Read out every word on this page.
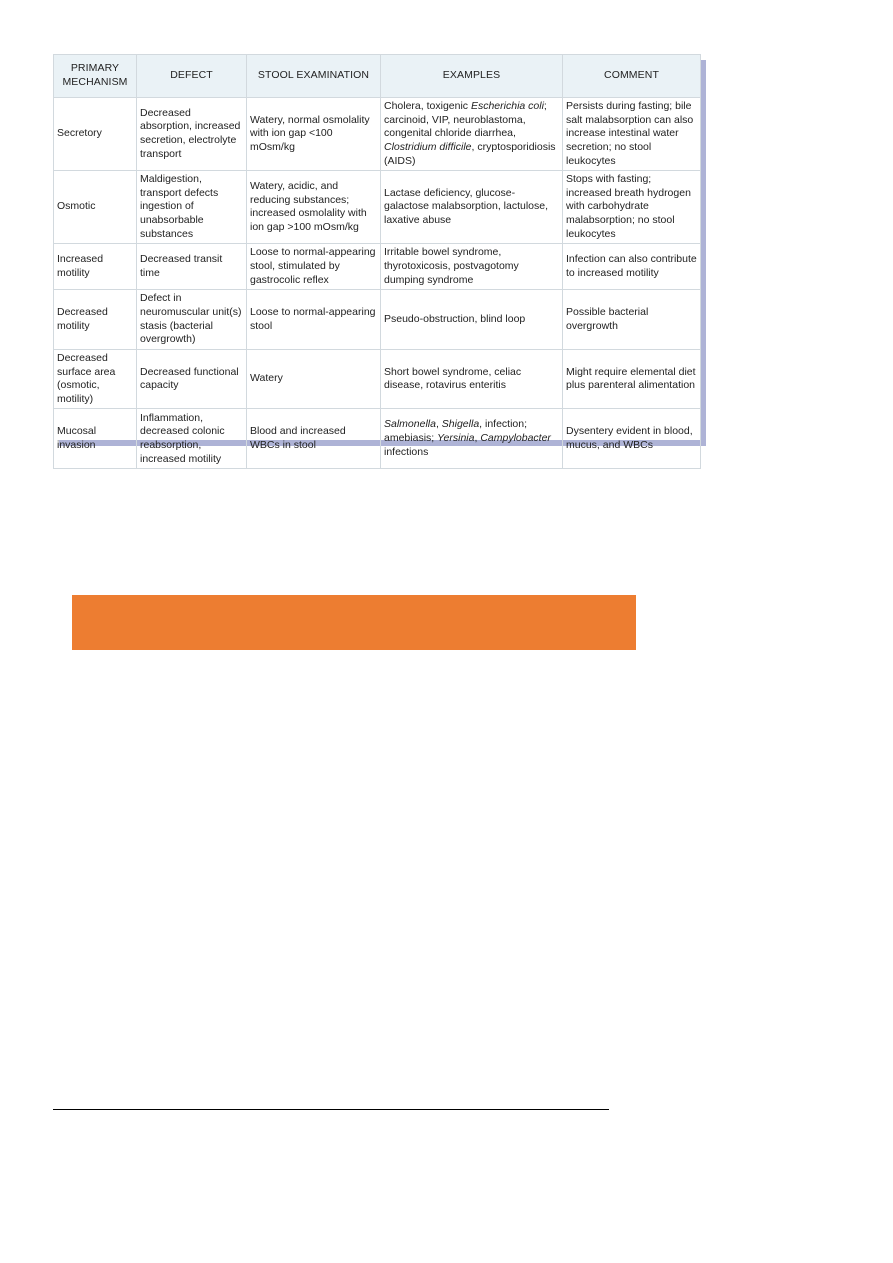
PRIMARY MECHANISM	DEFECT	STOOL EXAMINATION	EXAMPLES	COMMENT
Secretory	Decreased absorption, increased secretion, electrolyte transport	Watery, normal osmolality with ion gap <100 mOsm/kg	Cholera, toxigenic Escherichia coli; carcinoid, VIP, neuroblastoma, congenital chloride diarrhea, Clostridium difficile, cryptosporidiosis (AIDS)	Persists during fasting; bile salt malabsorption can also increase intestinal water secretion; no stool leukocytes
Osmotic	Maldigestion, transport defects ingestion of unabsorbable substances	Watery, acidic, and reducing substances; increased osmolality with ion gap >100 mOsm/kg	Lactase deficiency, glucose-galactose malabsorption, lactulose, laxative abuse	Stops with fasting; increased breath hydrogen with carbohydrate malabsorption; no stool leukocytes
Increased motility	Decreased transit time	Loose to normal-appearing stool, stimulated by gastrocolic reflex	Irritable bowel syndrome, thyrotoxicosis, postvagotomy dumping syndrome	Infection can also contribute to increased motility
Decreased motility	Defect in neuromuscular unit(s) stasis (bacterial overgrowth)	Loose to normal-appearing stool	Pseudo-obstruction, blind loop	Possible bacterial overgrowth
Decreased surface area (osmotic, motility)	Decreased functional capacity	Watery	Short bowel syndrome, celiac disease, rotavirus enteritis	Might require elemental diet plus parenteral alimentation
Mucosal invasion	Inflammation, decreased colonic reabsorption, increased motility	Blood and increased WBCs in stool	Salmonella, Shigella, infection; amebiasis; Yersinia, Campylobacter infections	Dysentery evident in blood, mucus, and WBCs
